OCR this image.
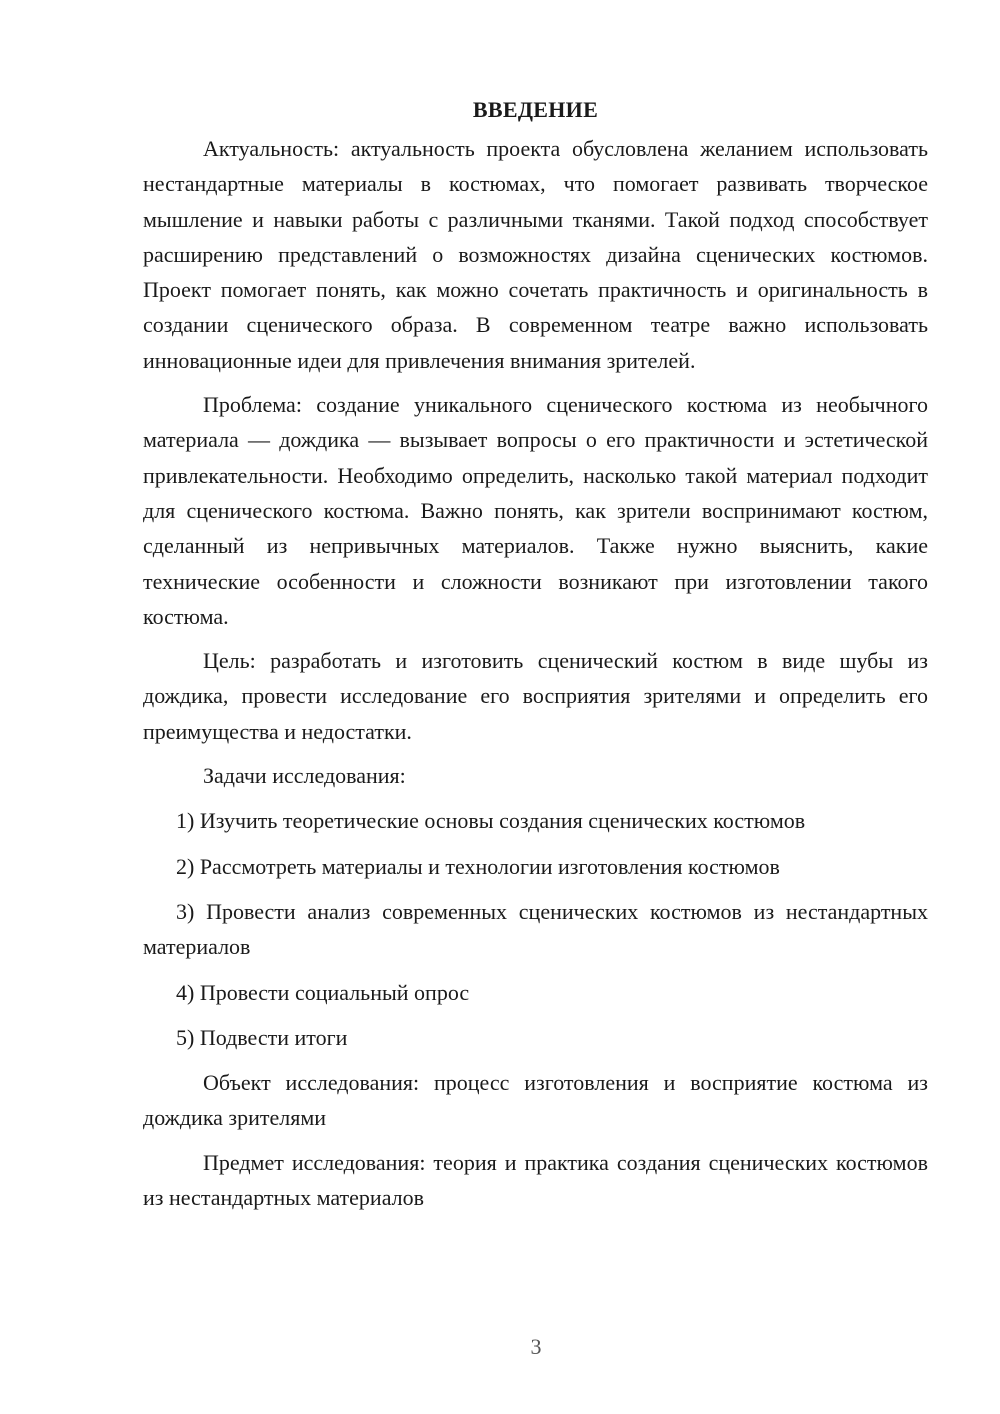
ВВЕДЕНИЕ

Актуальность: актуальность проекта обусловлена желанием использовать нестандартные материалы в костюмах, что помогает развивать творческое мышление и навыки работы с различными тканями. Такой подход способствует расширению представлений о возможностях дизайна сценических костюмов. Проект помогает понять, как можно сочетать практичность и оригинальность в создании сценического образа. В современном театре важно использовать инновационные идеи для привлечения внимания зрителей.

Проблема: создание уникального сценического костюма из необычного материала — дождика — вызывает вопросы о его практичности и эстетической привлекательности. Необходимо определить, насколько такой материал подходит для сценического костюма. Важно понять, как зрители воспринимают костюм, сделанный из непривычных материалов. Также нужно выяснить, какие технические особенности и сложности возникают при изготовлении такого костюма.

Цель: разработать и изготовить сценический костюм в виде шубы из дождика, провести исследование его восприятия зрителями и определить его преимущества и недостатки.

Задачи исследования:

1) Изучить теоретические основы создания сценических костюмов

2) Рассмотреть материалы и технологии изготовления костюмов

3) Провести анализ современных сценических костюмов из нестандартных материалов

4) Провести социальный опрос

5) Подвести итоги

Объект исследования: процесс изготовления и восприятие костюма из дождика зрителями

Предмет исследования: теория и практика создания сценических костюмов из нестандартных материалов

3
